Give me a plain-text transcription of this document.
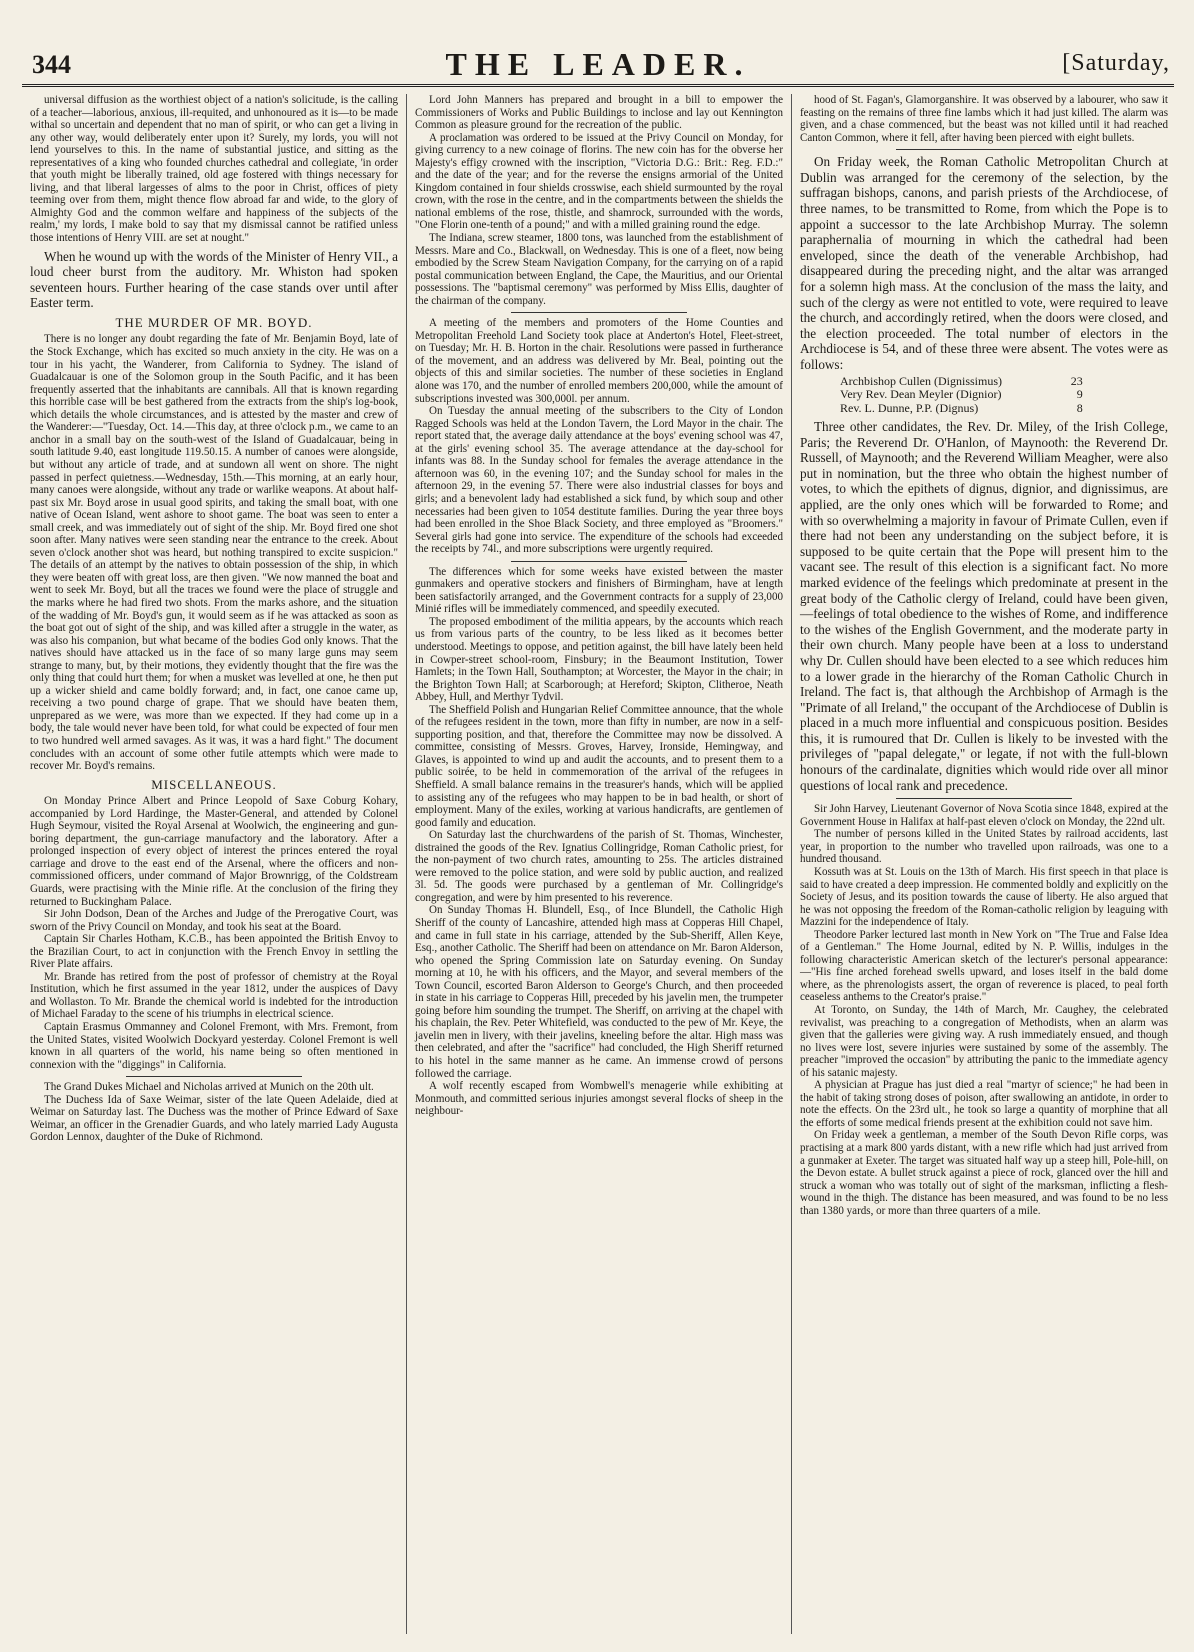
344	THE LEADER.	[Saturday,

universal diffusion as the worthiest object of a nation's solicitude, is the calling of a teacher—laborious, anxious, ill-requited, and unhonoured as it is—to be made withal so uncertain and dependent that no man of spirit, or who can get a living in any other way, would deliberately enter upon it? Surely, my lords, you will not lend yourselves to this. In the name of substantial justice, and sitting as the representatives of a king who founded churches cathedral and collegiate, 'in order that youth might be liberally trained, old age fostered with things necessary for living, and that liberal largesses of alms to the poor in Christ, offices of piety teeming over from them, might thence flow abroad far and wide, to the glory of Almighty God and the common welfare and happiness of the subjects of the realm,' my lords, I make bold to say that my dismissal cannot be ratified unless those intentions of Henry VIII. are set at nought."

When he wound up with the words of the Minister of Henry VII., a loud cheer burst from the auditory. Mr. Whiston had spoken seventeen hours. Further hearing of the case stands over until after Easter term.

THE MURDER OF MR. BOYD.

There is no longer any doubt regarding the fate of Mr. Benjamin Boyd, late of the Stock Exchange, which has excited so much anxiety in the city. He was on a tour in his yacht, the Wanderer, from California to Sydney. The island of Guadalcauar is one of the Solomon group in the South Pacific, and it has been frequently asserted that the inhabitants are cannibals. All that is known regarding this horrible case will be best gathered from the extracts from the ship's log-book, which details the whole circumstances, and is attested by the master and crew of the Wanderer:—"Tuesday, Oct. 14.—This day, at three o'clock p.m., we came to an anchor in a small bay on the south-west of the Island of Guadalcauar, being in south latitude 9.40, east longitude 119.50.15. A number of canoes were alongside, but without any article of trade, and at sundown all went on shore. The night passed in perfect quietness.—Wednesday, 15th.—This morning, at an early hour, many canoes were alongside, without any trade or warlike weapons. At about half-past six Mr. Boyd arose in usual good spirits, and taking the small boat, with one native of Ocean Island, went ashore to shoot game. The boat was seen to enter a small creek, and was immediately out of sight of the ship. Mr. Boyd fired one shot soon after. Many natives were seen standing near the entrance to the creek. About seven o'clock another shot was heard, but nothing transpired to excite suspicion." The details of an attempt by the natives to obtain possession of the ship, in which they were beaten off with great loss, are then given. "We now manned the boat and went to seek Mr. Boyd, but all the traces we found were the place of struggle and the marks where he had fired two shots. From the marks ashore, and the situation of the wadding of Mr. Boyd's gun, it would seem as if he was attacked as soon as the boat got out of sight of the ship, and was killed after a struggle in the water, as was also his companion, but what became of the bodies God only knows. That the natives should have attacked us in the face of so many large guns may seem strange to many, but, by their motions, they evidently thought that the fire was the only thing that could hurt them; for when a musket was levelled at one, he then put up a wicker shield and came boldly forward; and, in fact, one canoe came up, receiving a two pound charge of grape. That we should have beaten them, unprepared as we were, was more than we expected. If they had come up in a body, the tale would never have been told, for what could be expected of four men to two hundred well armed savages. As it was, it was a hard fight." The document concludes with an account of some other futile attempts which were made to recover Mr. Boyd's remains.

MISCELLANEOUS.

On Monday Prince Albert and Prince Leopold of Saxe Coburg Kohary, accompanied by Lord Hardinge, the Master-General, and attended by Colonel Hugh Seymour, visited the Royal Arsenal at Woolwich, the engineering and gun-boring department, the gun-carriage manufactory and the laboratory. After a prolonged inspection of every object of interest the princes entered the royal carriage and drove to the east end of the Arsenal, where the officers and non-commissioned officers, under command of Major Brownrigg, of the Coldstream Guards, were practising with the Minie rifle. At the conclusion of the firing they returned to Buckingham Palace.

Sir John Dodson, Dean of the Arches and Judge of the Prerogative Court, was sworn of the Privy Council on Monday, and took his seat at the Board.

Captain Sir Charles Hotham, K.C.B., has been appointed the British Envoy to the Brazilian Court, to act in conjunction with the French Envoy in settling the River Plate affairs.

Mr. Brande has retired from the post of professor of chemistry at the Royal Institution, which he first assumed in the year 1812, under the auspices of Davy and Wollaston. To Mr. Brande the chemical world is indebted for the introduction of Michael Faraday to the scene of his triumphs in electrical science.

Captain Erasmus Ommanney and Colonel Fremont, with Mrs. Fremont, from the United States, visited Woolwich Dockyard yesterday. Colonel Fremont is well known in all quarters of the world, his name being so often mentioned in connexion with the "diggings" in California.

The Grand Dukes Michael and Nicholas arrived at Munich on the 20th ult.

The Duchess Ida of Saxe Weimar, sister of the late Queen Adelaide, died at Weimar on Saturday last. The Duchess was the mother of Prince Edward of Saxe Weimar, an officer in the Grenadier Guards, and who lately married Lady Augusta Gordon Lennox, daughter of the Duke of Richmond.

Lord John Manners has prepared and brought in a bill to empower the Commissioners of Works and Public Buildings to inclose and lay out Kennington Common as pleasure ground for the recreation of the public.

A proclamation was ordered to be issued at the Privy Council on Monday, for giving currency to a new coinage of florins. The new coin has for the obverse her Majesty's effigy crowned with the inscription, "Victoria D.G.: Brit.: Reg. F.D.:" and the date of the year; and for the reverse the ensigns armorial of the United Kingdom contained in four shields crosswise, each shield surmounted by the royal crown, with the rose in the centre, and in the compartments between the shields the national emblems of the rose, thistle, and shamrock, surrounded with the words, "One Florin one-tenth of a pound;" and with a milled graining round the edge.

The Indiana, screw steamer, 1800 tons, was launched from the establishment of Messrs. Mare and Co., Blackwall, on Wednesday. This is one of a fleet, now being embodied by the Screw Steam Navigation Company, for the carrying on of a rapid postal communication between England, the Cape, the Mauritius, and our Oriental possessions. The "baptismal ceremony" was performed by Miss Ellis, daughter of the chairman of the company.

A meeting of the members and promoters of the Home Counties and Metropolitan Freehold Land Society took place at Anderton's Hotel, Fleet-street, on Tuesday; Mr. H. B. Horton in the chair. Resolutions were passed in furtherance of the movement, and an address was delivered by Mr. Beal, pointing out the objects of this and similar societies. The number of these societies in England alone was 170, and the number of enrolled members 200,000, while the amount of subscriptions invested was 300,000l. per annum.

On Tuesday the annual meeting of the subscribers to the City of London Ragged Schools was held at the London Tavern, the Lord Mayor in the chair. The report stated that, the average daily attendance at the boys' evening school was 47, at the girls' evening school 35. The average attendance at the day-school for infants was 88. In the Sunday school for females the average attendance in the afternoon was 60, in the evening 107; and the Sunday school for males in the afternoon 29, in the evening 57. There were also industrial classes for boys and girls; and a benevolent lady had established a sick fund, by which soup and other necessaries had been given to 1054 destitute families. During the year three boys had been enrolled in the Shoe Black Society, and three employed as "Broomers." Several girls had gone into service. The expenditure of the schools had exceeded the receipts by 74l., and more subscriptions were urgently required.

The differences which for some weeks have existed between the master gunmakers and operative stockers and finishers of Birmingham, have at length been satisfactorily arranged, and the Government contracts for a supply of 23,000 Minié rifles will be immediately commenced, and speedily executed.

The proposed embodiment of the militia appears, by the accounts which reach us from various parts of the country, to be less liked as it becomes better understood. Meetings to oppose, and petition against, the bill have lately been held in Cowper-street school-room, Finsbury; in the Beaumont Institution, Tower Hamlets; in the Town Hall, Southampton; at Worcester, the Mayor in the chair; in the Brighton Town Hall; at Scarborough; at Hereford; Skipton, Clitheroe, Neath Abbey, Hull, and Merthyr Tydvil.

The Sheffield Polish and Hungarian Relief Committee announce, that the whole of the refugees resident in the town, more than fifty in number, are now in a self-supporting position, and that, therefore the Committee may now be dissolved. A committee, consisting of Messrs. Groves, Harvey, Ironside, Hemingway, and Glaves, is appointed to wind up and audit the accounts, and to present them to a public soirée, to be held in commemoration of the arrival of the refugees in Sheffield. A small balance remains in the treasurer's hands, which will be applied to assisting any of the refugees who may happen to be in bad health, or short of employment. Many of the exiles, working at various handicrafts, are gentlemen of good family and education.

On Saturday last the churchwardens of the parish of St. Thomas, Winchester, distrained the goods of the Rev. Ignatius Collingridge, Roman Catholic priest, for the non-payment of two church rates, amounting to 25s. The articles distrained were removed to the police station, and were sold by public auction, and realized 3l. 5d. The goods were purchased by a gentleman of Mr. Collingridge's congregation, and were by him presented to his reverence.

On Sunday Thomas H. Blundell, Esq., of Ince Blundell, the Catholic High Sheriff of the county of Lancashire, attended high mass at Copperas Hill Chapel, and came in full state in his carriage, attended by the Sub-Sheriff, Allen Keye, Esq., another Catholic. The Sheriff had been on attendance on Mr. Baron Alderson, who opened the Spring Commission late on Saturday evening. On Sunday morning at 10, he with his officers, and the Mayor, and several members of the Town Council, escorted Baron Alderson to George's Church, and then proceeded in state in his carriage to Copperas Hill, preceded by his javelin men, the trumpeter going before him sounding the trumpet. The Sheriff, on arriving at the chapel with his chaplain, the Rev. Peter Whitefield, was conducted to the pew of Mr. Keye, the javelin men in livery, with their javelins, kneeling before the altar. High mass was then celebrated, and after the "sacrifice" had concluded, the High Sheriff returned to his hotel in the same manner as he came. An immense crowd of persons followed the carriage.

A wolf recently escaped from Wombwell's menagerie while exhibiting at Monmouth, and committed serious injuries amongst several flocks of sheep in the neighbour-

hood of St. Fagan's, Glamorganshire. It was observed by a labourer, who saw it feasting on the remains of three fine lambs which it had just killed. The alarm was given, and a chase commenced, but the beast was not killed until it had reached Canton Common, where it fell, after having been pierced with eight bullets.

On Friday week, the Roman Catholic Metropolitan Church at Dublin was arranged for the ceremony of the selection, by the suffragan bishops, canons, and parish priests of the Archdiocese, of three names, to be transmitted to Rome, from which the Pope is to appoint a successor to the late Archbishop Murray. The solemn paraphernalia of mourning in which the cathedral had been enveloped, since the death of the venerable Archbishop, had disappeared during the preceding night, and the altar was arranged for a solemn high mass. At the conclusion of the mass the laity, and such of the clergy as were not entitled to vote, were required to leave the church, and accordingly retired, when the doors were closed, and the election proceeded. The total number of electors in the Archdiocese is 54, and of these three were absent. The votes were as follows:

Archbishop Cullen (Dignissimus)	23
Very Rev. Dean Meyler (Dignior)	9
Rev. L. Dunne, P.P. (Dignus)	8

Three other candidates, the Rev. Dr. Miley, of the Irish College, Paris; the Reverend Dr. O'Hanlon, of Maynooth: the Reverend Dr. Russell, of Maynooth; and the Reverend William Meagher, were also put in nomination, but the three who obtain the highest number of votes, to which the epithets of dignus, dignior, and dignissimus, are applied, are the only ones which will be forwarded to Rome; and with so overwhelming a majority in favour of Primate Cullen, even if there had not been any understanding on the subject before, it is supposed to be quite certain that the Pope will present him to the vacant see. The result of this election is a significant fact. No more marked evidence of the feelings which predominate at present in the great body of the Catholic clergy of Ireland, could have been given,—feelings of total obedience to the wishes of Rome, and indifference to the wishes of the English Government, and the moderate party in their own church. Many people have been at a loss to understand why Dr. Cullen should have been elected to a see which reduces him to a lower grade in the hierarchy of the Roman Catholic Church in Ireland. The fact is, that although the Archbishop of Armagh is the "Primate of all Ireland," the occupant of the Archdiocese of Dublin is placed in a much more influential and conspicuous position. Besides this, it is rumoured that Dr. Cullen is likely to be invested with the privileges of "papal delegate," or legate, if not with the full-blown honours of the cardinalate, dignities which would ride over all minor questions of local rank and precedence.

Sir John Harvey, Lieutenant Governor of Nova Scotia since 1848, expired at the Government House in Halifax at half-past eleven o'clock on Monday, the 22nd ult.

The number of persons killed in the United States by railroad accidents, last year, in proportion to the number who travelled upon railroads, was one to a hundred thousand.

Kossuth was at St. Louis on the 13th of March. His first speech in that place is said to have created a deep impression. He commented boldly and explicitly on the Society of Jesus, and its position towards the cause of liberty. He also argued that he was not opposing the freedom of the Roman-catholic religion by leaguing with Mazzini for the independence of Italy.

Theodore Parker lectured last month in New York on "The True and False Idea of a Gentleman." The Home Journal, edited by N. P. Willis, indulges in the following characteristic American sketch of the lecturer's personal appearance:—"His fine arched forehead swells upward, and loses itself in the bald dome where, as the phrenologists assert, the organ of reverence is placed, to peal forth ceaseless anthems to the Creator's praise."

At Toronto, on Sunday, the 14th of March, Mr. Caughey, the celebrated revivalist, was preaching to a congregation of Methodists, when an alarm was given that the galleries were giving way. A rush immediately ensued, and though no lives were lost, severe injuries were sustained by some of the assembly. The preacher "improved the occasion" by attributing the panic to the immediate agency of his satanic majesty.

A physician at Prague has just died a real "martyr of science;" he had been in the habit of taking strong doses of poison, after swallowing an antidote, in order to note the effects. On the 23rd ult., he took so large a quantity of morphine that all the efforts of some medical friends present at the exhibition could not save him.

On Friday week a gentleman, a member of the South Devon Rifle corps, was practising at a mark 800 yards distant, with a new rifle which had just arrived from a gunmaker at Exeter. The target was situated half way up a steep hill, Pole-hill, on the Devon estate. A bullet struck against a piece of rock, glanced over the hill and struck a woman who was totally out of sight of the marksman, inflicting a flesh-wound in the thigh. The distance has been measured, and was found to be no less than 1380 yards, or more than three quarters of a mile.
